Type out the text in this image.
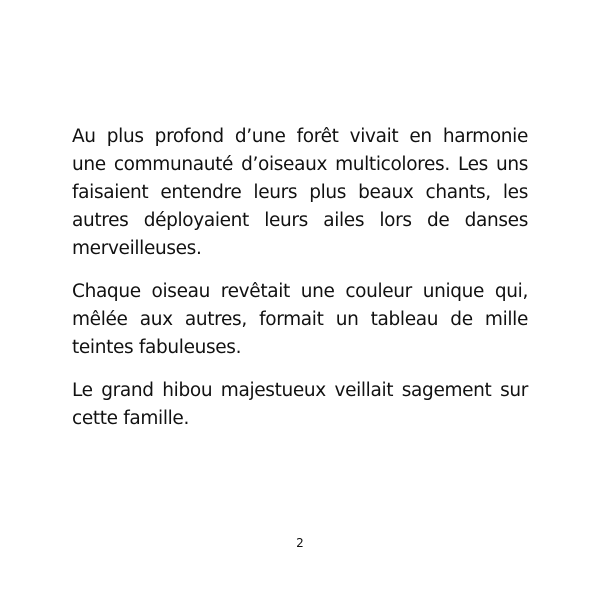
Au plus profond d’une forêt vivait en harmonie une communauté d’oiseaux multicolores. Les uns faisaient entendre leurs plus beaux chants, les autres déployaient leurs ailes lors de danses merveilleuses.

Chaque oiseau revêtait une couleur unique qui, mêlée aux autres, formait un tableau de mille teintes fabuleuses.

Le grand hibou majestueux veillait sagement sur cette famille.

2
